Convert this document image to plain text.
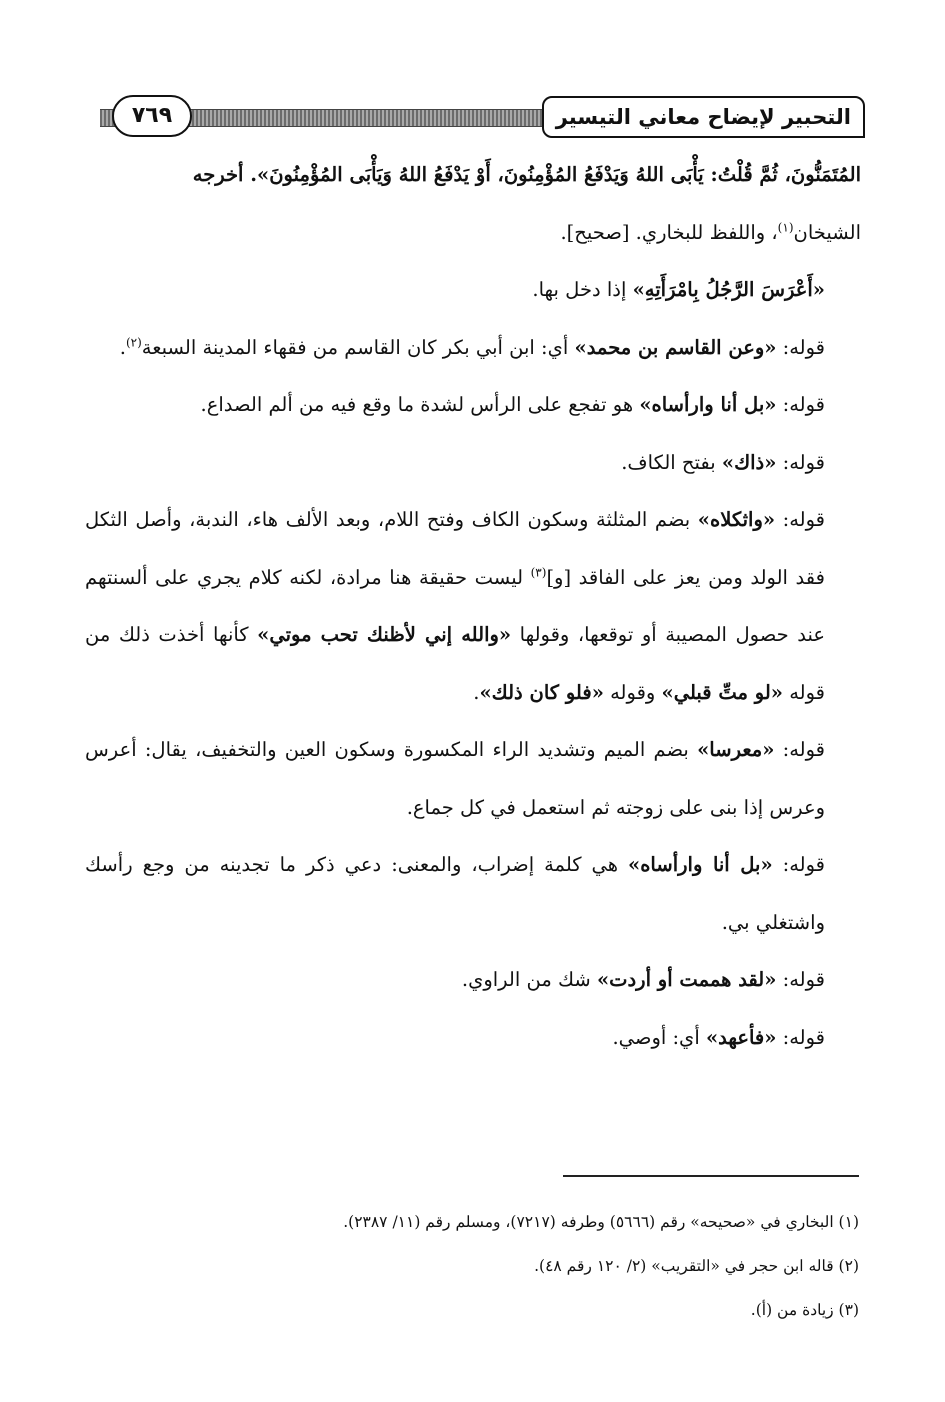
التحبير لإيضاح معاني التيسير
٧٦٩

المُتَمَنُّونَ، ثُمَّ قُلْتُ: يَأْبَى اللهُ وَيَدْفَعُ المُؤْمِنُونَ، أَوْ يَدْفَعُ اللهُ وَيَأْبَى المُؤْمِنُونَ». أخرجه
الشيخان$^{(١)}$، واللفظ للبخاري. [صحيح].

«أَعْرَسَ الرَّجُلُ بِامْرَأَتِهِ» إذا دخل بها.

قوله: «وعن القاسم بن محمد» أي: ابن أبي بكر كان القاسم من فقهاء المدينة السبعة$^{(٢)}$.

قوله: «بل أنا وارأساه» هو تفجع على الرأس لشدة ما وقع فيه من ألم الصداع.

قوله: «ذاك» بفتح الكاف.

قوله: «واثكلاه» بضم المثلثة وسكون الكاف وفتح اللام، وبعد الألف هاء، الندبة، وأصل الثكل فقد الولد ومن يعز على الفاقد [و]$^{(٣)}$ ليست حقيقة هنا مرادة، لكنه كلام يجري على ألسنتهم عند حصول المصيبة أو توقعها، وقولها «والله إني لأظنك تحب موتي» كأنها أخذت ذلك من قوله «لو متِّ قبلي» وقوله «فلو كان ذلك».

قوله: «معرسا» بضم الميم وتشديد الراء المكسورة وسكون العين والتخفيف، يقال: أعرس وعرس إذا بنى على زوجته ثم استعمل في كل جماع.

قوله: «بل أنا وارأساه» هي كلمة إضراب، والمعنى: دعي ذكر ما تجدينه من وجع رأسك واشتغلي بي.

قوله: «لقد هممت أو أردت» شك من الراوي.

قوله: «فأعهد» أي: أوصي.

(١) البخاري في «صحيحه» رقم (٥٦٦٦) وطرفه (٧٢١٧)، ومسلم رقم (١١/ ٢٣٨٧).

(٢) قاله ابن حجر في «التقريب» (٢/ ١٢٠ رقم ٤٨).

(٣) زيادة من (أ).
